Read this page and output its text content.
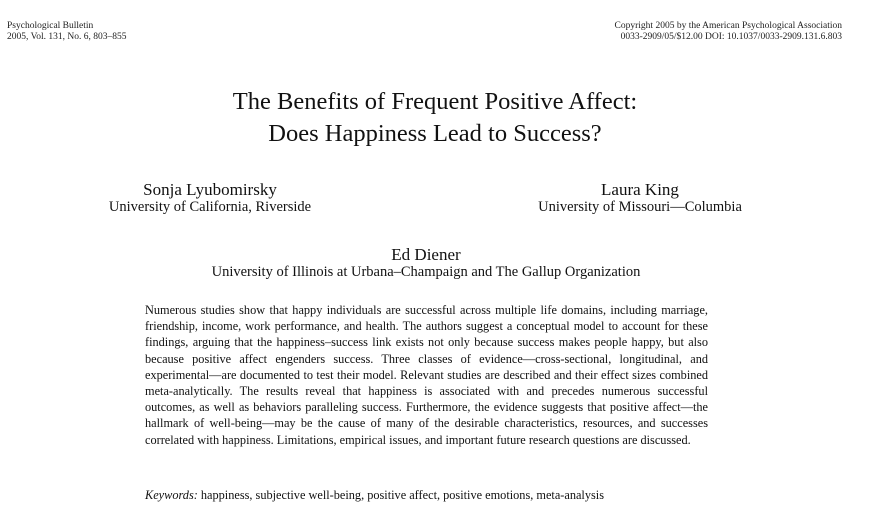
Psychological Bulletin
2005, Vol. 131, No. 6, 803–855
Copyright 2005 by the American Psychological Association
0033-2909/05/$12.00 DOI: 10.1037/0033-2909.131.6.803
The Benefits of Frequent Positive Affect:
Does Happiness Lead to Success?
Sonja Lyubomirsky
University of California, Riverside
Laura King
University of Missouri—Columbia
Ed Diener
University of Illinois at Urbana–Champaign and The Gallup Organization

Numerous studies show that happy individuals are successful across multiple life domains, including marriage, friendship, income, work performance, and health. The authors suggest a conceptual model to account for these findings, arguing that the happiness–success link exists not only because success makes people happy, but also because positive affect engenders success. Three classes of evidence—cross-sectional, longitudinal, and experimental—are documented to test their model. Relevant studies are described and their effect sizes combined meta-analytically. The results reveal that happiness is associated with and precedes numerous successful outcomes, as well as behaviors paralleling success. Furthermore, the evidence suggests that positive affect—the hallmark of well-being—may be the cause of many of the desirable characteristics, resources, and successes correlated with happiness. Limitations, empirical issues, and important future research questions are discussed.

Keywords: happiness, subjective well-being, positive affect, positive emotions, meta-analysis
